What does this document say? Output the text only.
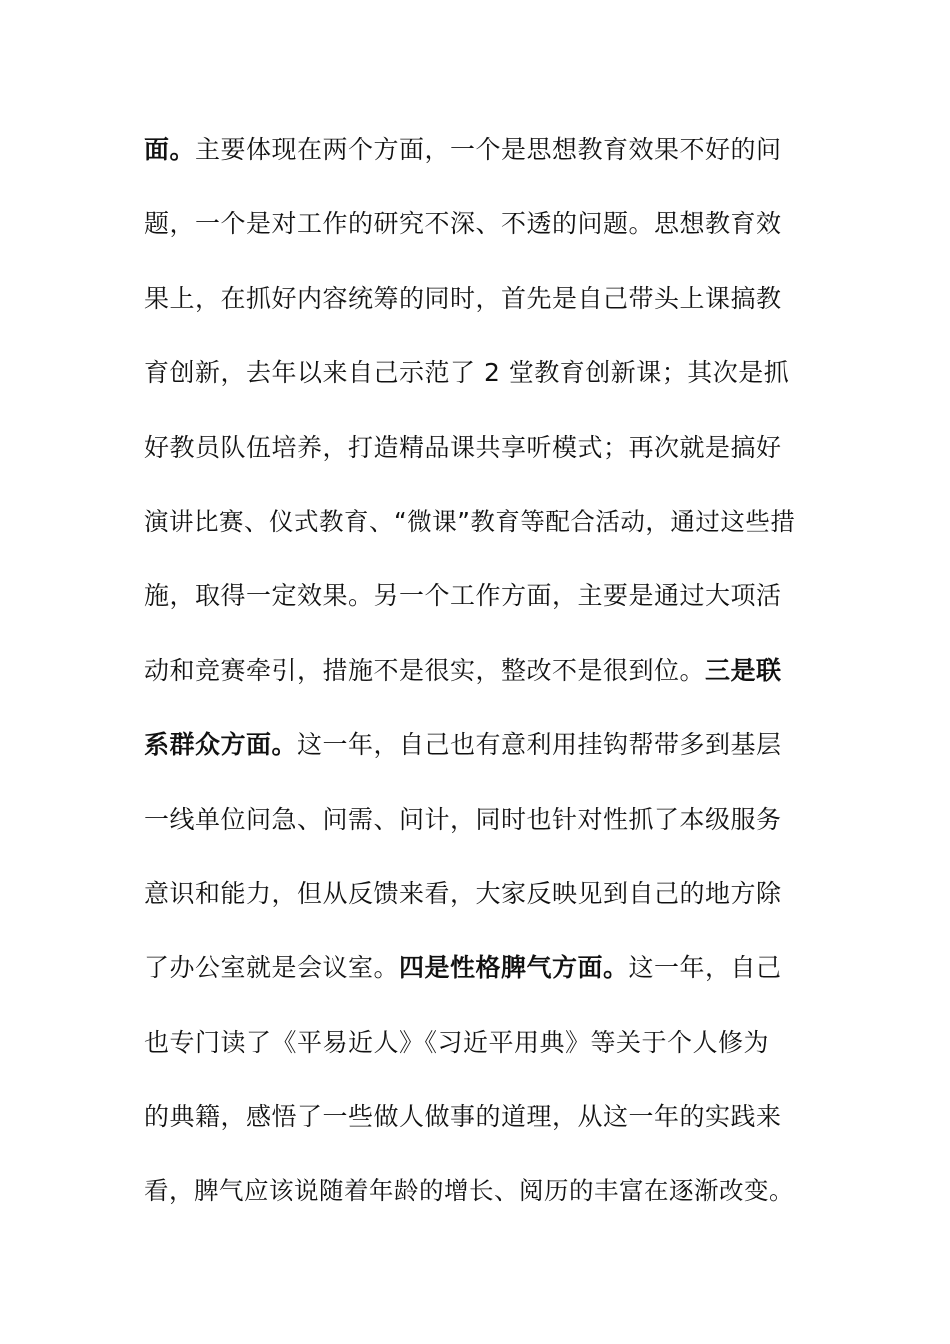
面。主要体现在两个方面，一个是思想教育效果不好的问
题，一个是对工作的研究不深、不透的问题。思想教育效
果上，在抓好内容统筹的同时，首先是自己带头上课搞教
育创新，去年以来自己示范了 2 堂教育创新课；其次是抓
好教员队伍培养，打造精品课共享听模式；再次就是搞好
演讲比赛、仪式教育、“微课”教育等配合活动，通过这些措
施，取得一定效果。另一个工作方面，主要是通过大项活
动和竞赛牵引，措施不是很实，整改不是很到位。三是联
系群众方面。这一年，自己也有意利用挂钩帮带多到基层
一线单位问急、问需、问计，同时也针对性抓了本级服务
意识和能力，但从反馈来看，大家反映见到自己的地方除
了办公室就是会议室。四是性格脾气方面。这一年，自己
也专门读了《平易近人》《习近平用典》等关于个人修为
的典籍，感悟了一些做人做事的道理，从这一年的实践来
看，脾气应该说随着年龄的增长、阅历的丰富在逐渐改变。
